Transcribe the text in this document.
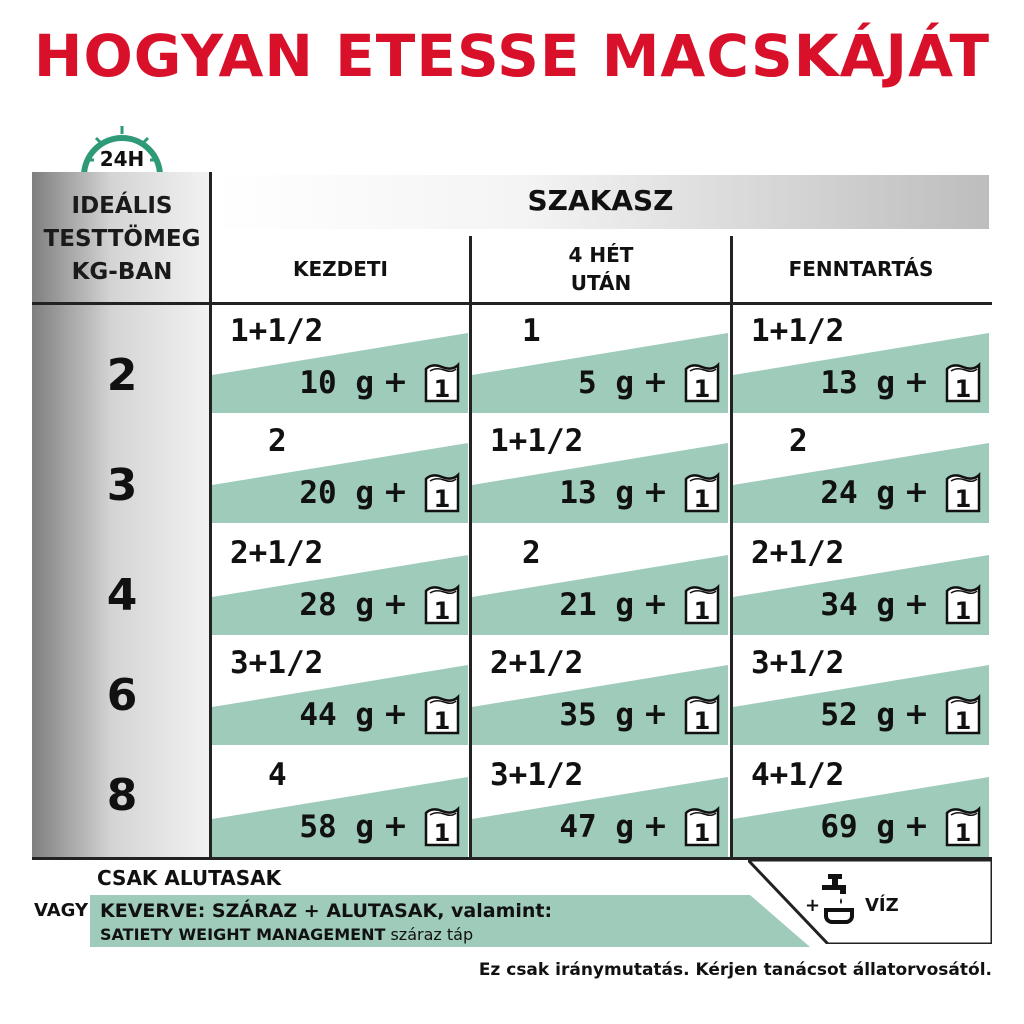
HOGYAN ETESSE MACSKÁJÁT
24H
IDEÁLIS
TESTTÖMEG
KG-BAN
SZAKASZ
KEZDETI
4 HÉT
UTÁN
FENNTARTÁS
2
3
4
6
8
1+1/2
10 g + 1
1
5 g + 1
1+1/2
13 g + 1
2
20 g + 1
1+1/2
13 g + 1
2
24 g + 1
2+1/2
28 g + 1
2
21 g + 1
2+1/2
34 g + 1
3+1/2
44 g + 1
2+1/2
35 g + 1
3+1/2
52 g + 1
4
58 g + 1
3+1/2
47 g + 1
4+1/2
69 g + 1
CSAK ALUTASAK
VAGY KEVERVE: SZÁRAZ + ALUTASAK, valamint:
SATIETY WEIGHT MANAGEMENT száraz táp
+ VÍZ
Ez csak iránymutatás. Kérjen tanácsot állatorvosától.
